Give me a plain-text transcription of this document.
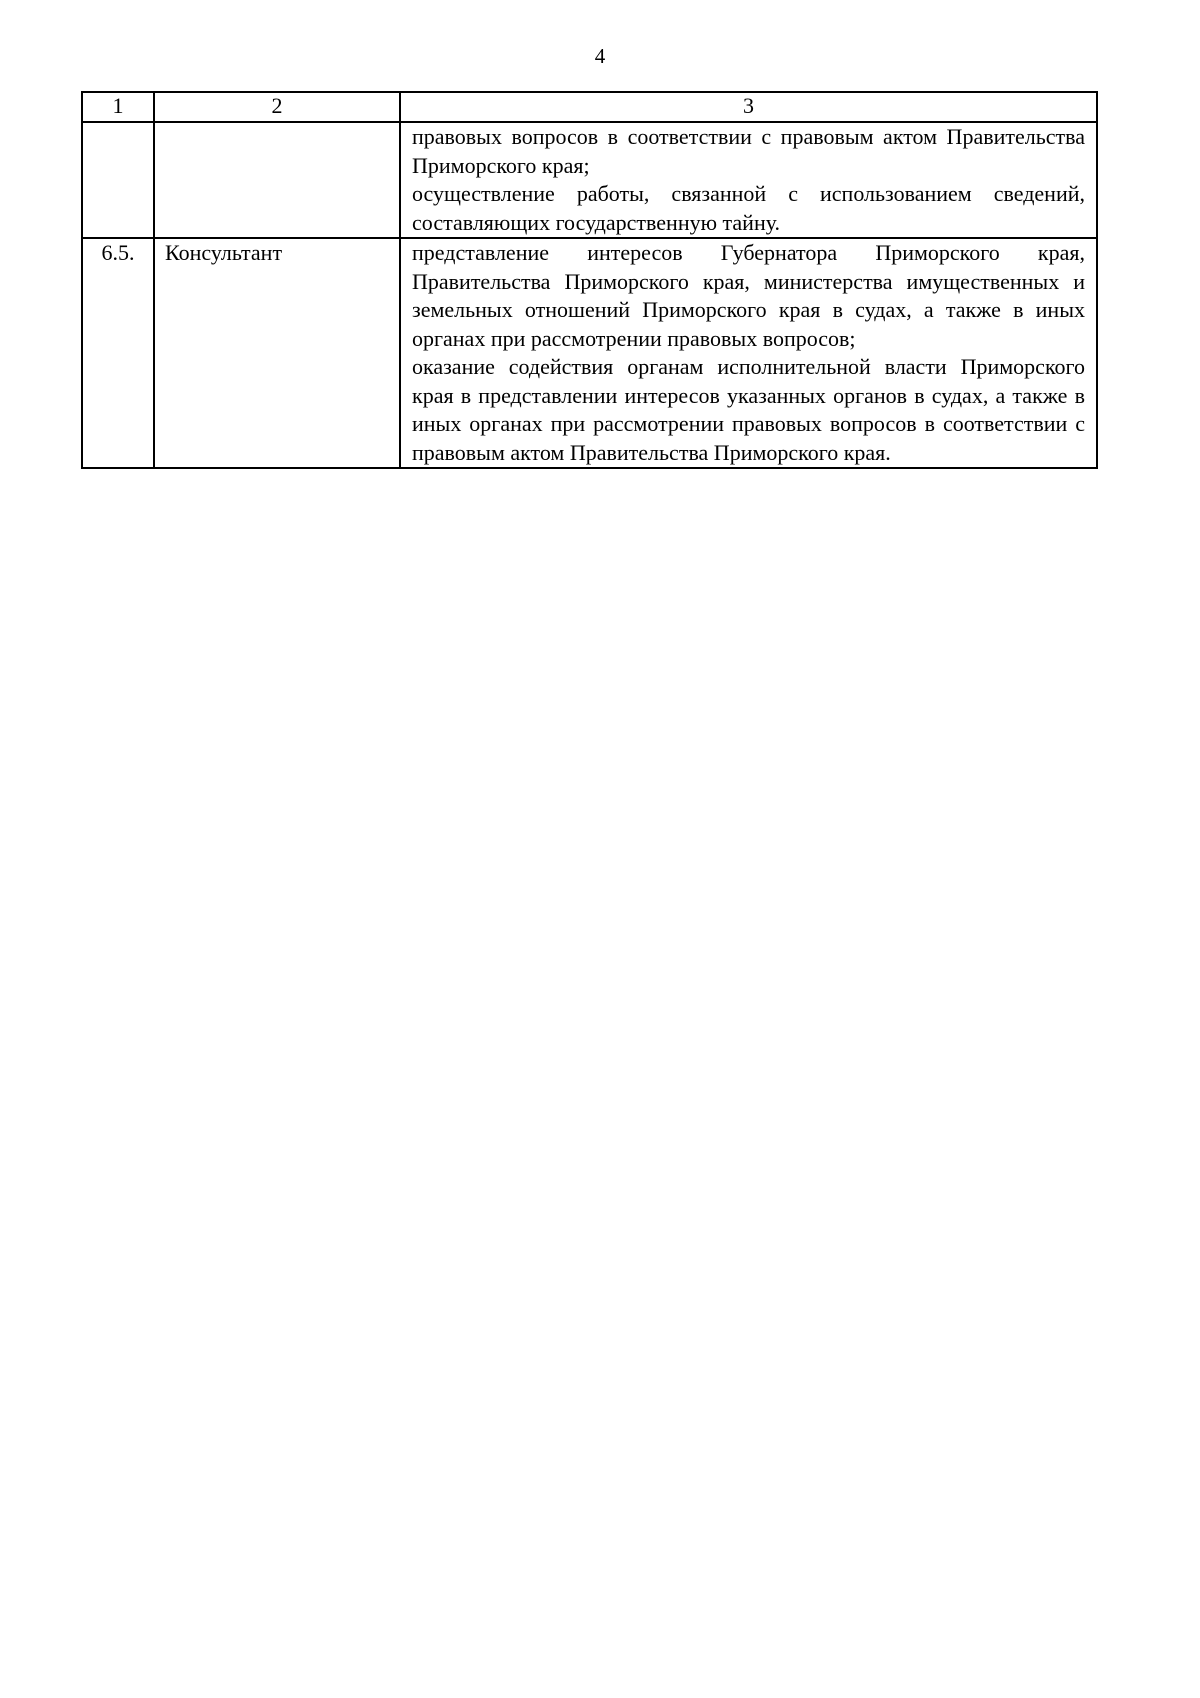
4
1	2	3

		правовых вопросов в соответствии с правовым актом Правительства Приморского края;
осуществление работы, связанной с использованием сведений, составляющих государственную тайну.

6.5.	Консультант	представление интересов Губернатора Приморского края, Правительства Приморского края, министерства имущественных и земельных отношений Приморского края в судах, а также в иных органах при рассмотрении правовых вопросов;
оказание содействия органам исполнительной власти Приморского края в представлении интересов указанных органов в судах, а также в иных органах при рассмотрении правовых вопросов в соответствии с правовым актом Правительства Приморского края.
